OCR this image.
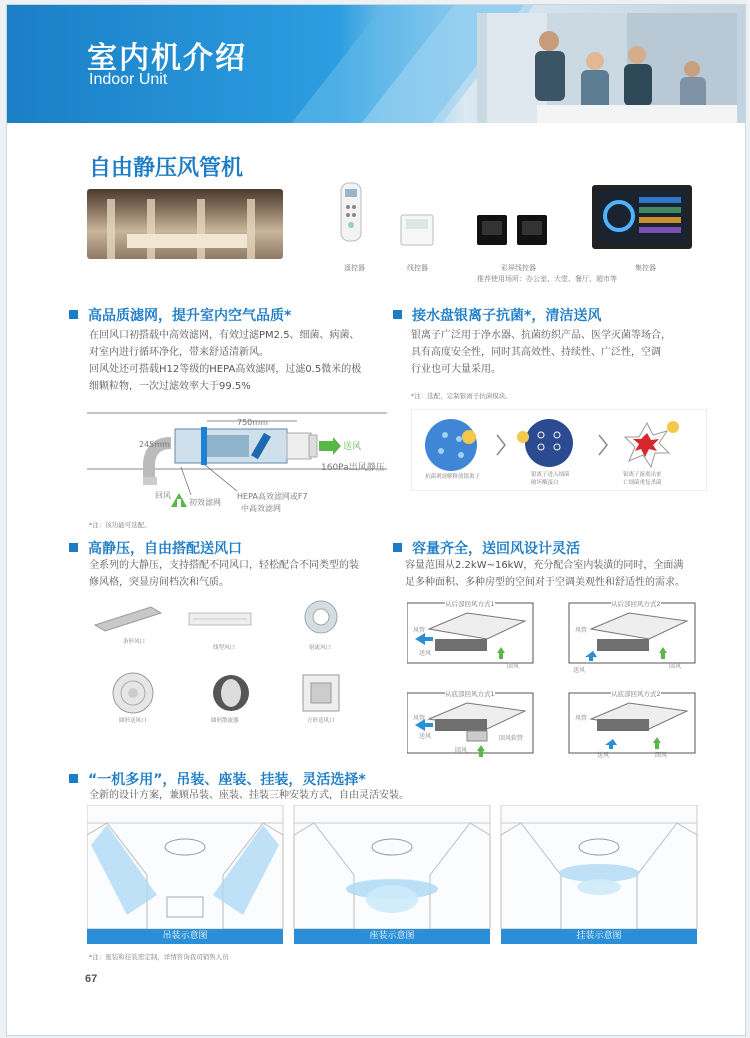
室内机介绍
Indoor Unit
自由静压风管机
遥控器	线控器	彩屏线控器	集控器
推荐使用场所：办公室、大堂、餐厅、超市等
高品质滤网，提升室内空气品质*
在回风口初搭载中高效滤网，有效过滤PM2.5、细菌、病菌、
对室内进行循环净化，带来舒适清新风。
回风处还可搭载H12等级的HEPA高效滤网，过滤0.5微米的极
细颗粒物，一次过滤效率大于99.5%
750mm
245mm	送风
160Pa出风静压
回风
初效滤网
HEPA高效滤网或F7
中高效滤网
*注：该功能可选配。
接水盘银离子抗菌*，清洁送风
银离子广泛用于净水器、抗菌纺织产品、医学灭菌等场合，
具有高度安全性，同时其高效性、持续性、广泛性，空调
行业也可大量采用。
*注：选配，定制银离子抗菌模块。
抗菌剂溶解释放银离子	银离子进入细菌
破坏酶蛋白
银离子游离出来
亡细菌重复杀菌
高静压，自由搭配送风口
全系列的大静压，支持搭配不同风口，轻松配合不同类型的装
修风格，突显房间档次和气质。
条形风口
线型风口	射流风口
圆形送风口	圆形散流器	方形送风口
容量齐全，送回风设计灵活
容量范围从2.2kW~16kW，充分配合室内装潢的同时，全面满
足多种面积、多种房型的空间对于空调美观性和舒适性的需求。
从后部回风方式1	从后部回风方式2
从底部回风方式1	从底部回风方式2
风管
送风
回风
风管
送风
回风
风管
送风
回风
回风软管
风管
送风	回风
“一机多用”，吊装、座装、挂装，灵活选择*
全新的设计方案，兼顾吊装、座装、挂装三种安装方式，自由灵活安装。
吊装示意图	座装示意图	挂装示意图
*注：座装和挂装需定制，详情咨询我司销售人员
67
